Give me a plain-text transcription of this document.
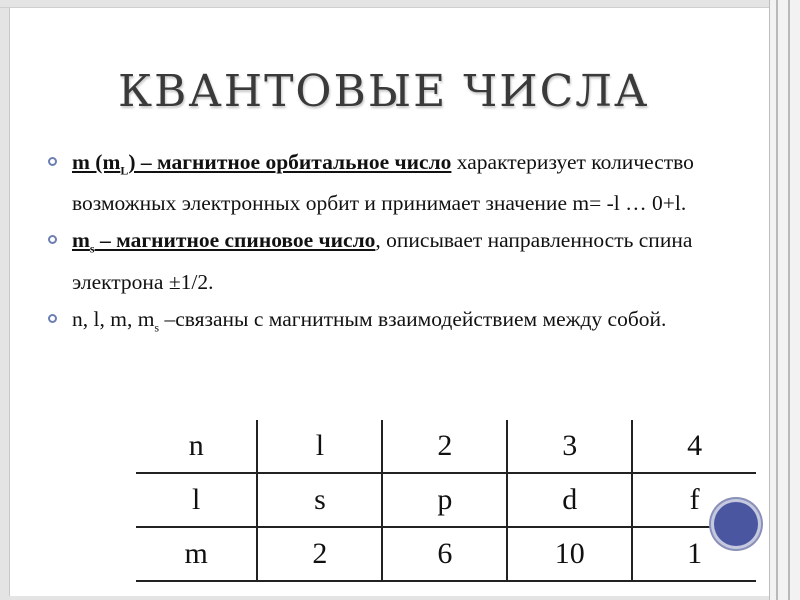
КВАНТОВЫЕ ЧИСЛА
m $(m_L)$ – магнитное орбитальное число характеризует количество возможных электронных орбит и принимает значение m= -l … 0+l.
$m_s$ – магнитное спиновое число, описывает направленность спина электрона ±1/2.
n, l, m, $m_s$ –связаны с магнитным взаимодействием между собой.
n	l	2	3	4
l	s	p	d	f
m	2	6	10	1
